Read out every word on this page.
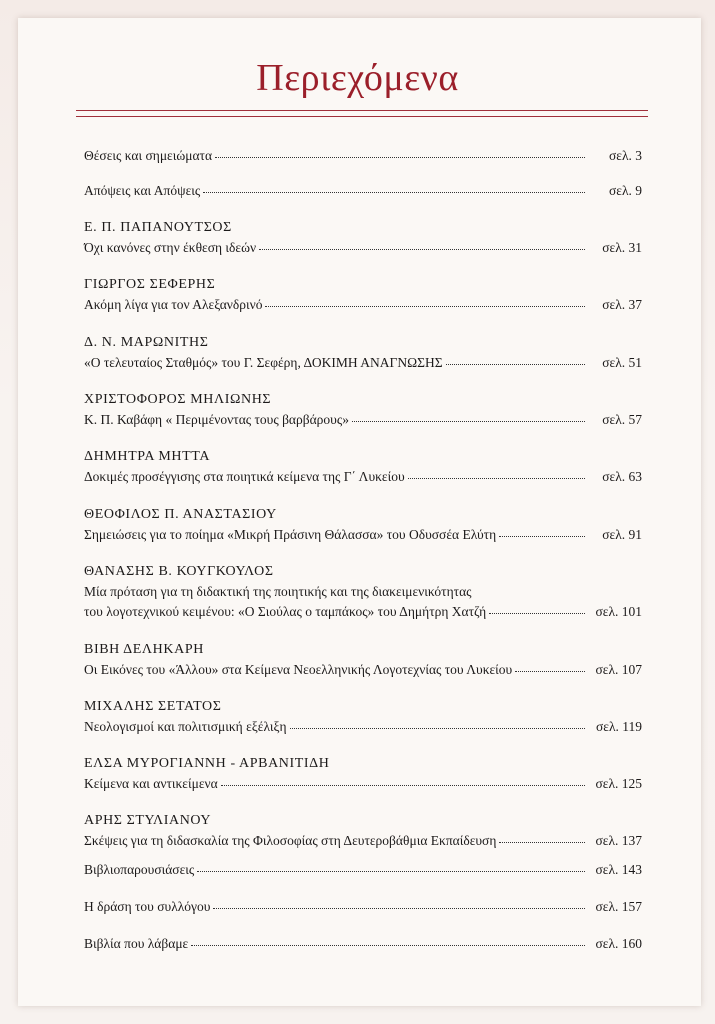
Περιεχόμενα
Θέσεις και σημειώματα	σελ. 3
Απόψεις και Απόψεις	σελ. 9
Ε. Π. ΠΑΠΑΝΟΥΤΣΟΣ
Όχι κανόνες στην έκθεση ιδεών	σελ. 31
ΓΙΩΡΓΟΣ ΣΕΦΕΡΗΣ
Ακόμη λίγα για τον Αλεξανδρινό	σελ. 37
Δ. Ν. ΜΑΡΩΝΙΤΗΣ
«Ο τελευταίος Σταθμός» του Γ. Σεφέρη, ΔΟΚΙΜΗ ΑΝΑΓΝΩΣΗΣ	σελ. 51
ΧΡΙΣΤΟΦΟΡΟΣ ΜΗΛΙΩΝΗΣ
Κ. Π. Καβάφη « Περιμένοντας τους βαρβάρους»	σελ. 57
ΔΗΜΗΤΡΑ ΜΗΤΤΑ
Δοκιμές προσέγγισης στα ποιητικά κείμενα της Γ΄ Λυκείου	σελ. 63
ΘΕΟΦΙΛΟΣ Π. ΑΝΑΣΤΑΣΙΟΥ
Σημειώσεις για το ποίημα «Μικρή Πράσινη Θάλασσα» του Οδυσσέα Ελύτη	σελ. 91
ΘΑΝΑΣΗΣ Β. ΚΟΥΓΚΟΥΛΟΣ
Μία πρόταση για τη διδακτική της ποιητικής και της διακειμενικότητας
του λογοτεχνικού κειμένου: «Ο Σιούλας ο ταμπάκος» του Δημήτρη Χατζή	σελ. 101
ΒΙΒΗ ΔΕΛΗΚΑΡΗ
Οι Εικόνες του «Άλλου» στα Κείμενα Νεοελληνικής Λογοτεχνίας του Λυκείου	σελ. 107
ΜΙΧΑΛΗΣ ΣΕΤΑΤΟΣ
Νεολογισμοί και πολιτισμική εξέλιξη	σελ. 119
ΕΛΣΑ ΜΥΡΟΓΙΑΝΝΗ - ΑΡΒΑΝΙΤΙΔΗ
Κείμενα και αντικείμενα	σελ. 125
ΑΡΗΣ ΣΤΥΛΙΑΝΟΥ
Σκέψεις για τη διδασκαλία της Φιλοσοφίας στη Δευτεροβάθμια Εκπαίδευση	σελ. 137
Βιβλιοπαρουσιάσεις	σελ. 143
Η δράση του συλλόγου	σελ. 157
Βιβλία που λάβαμε	σελ. 160
